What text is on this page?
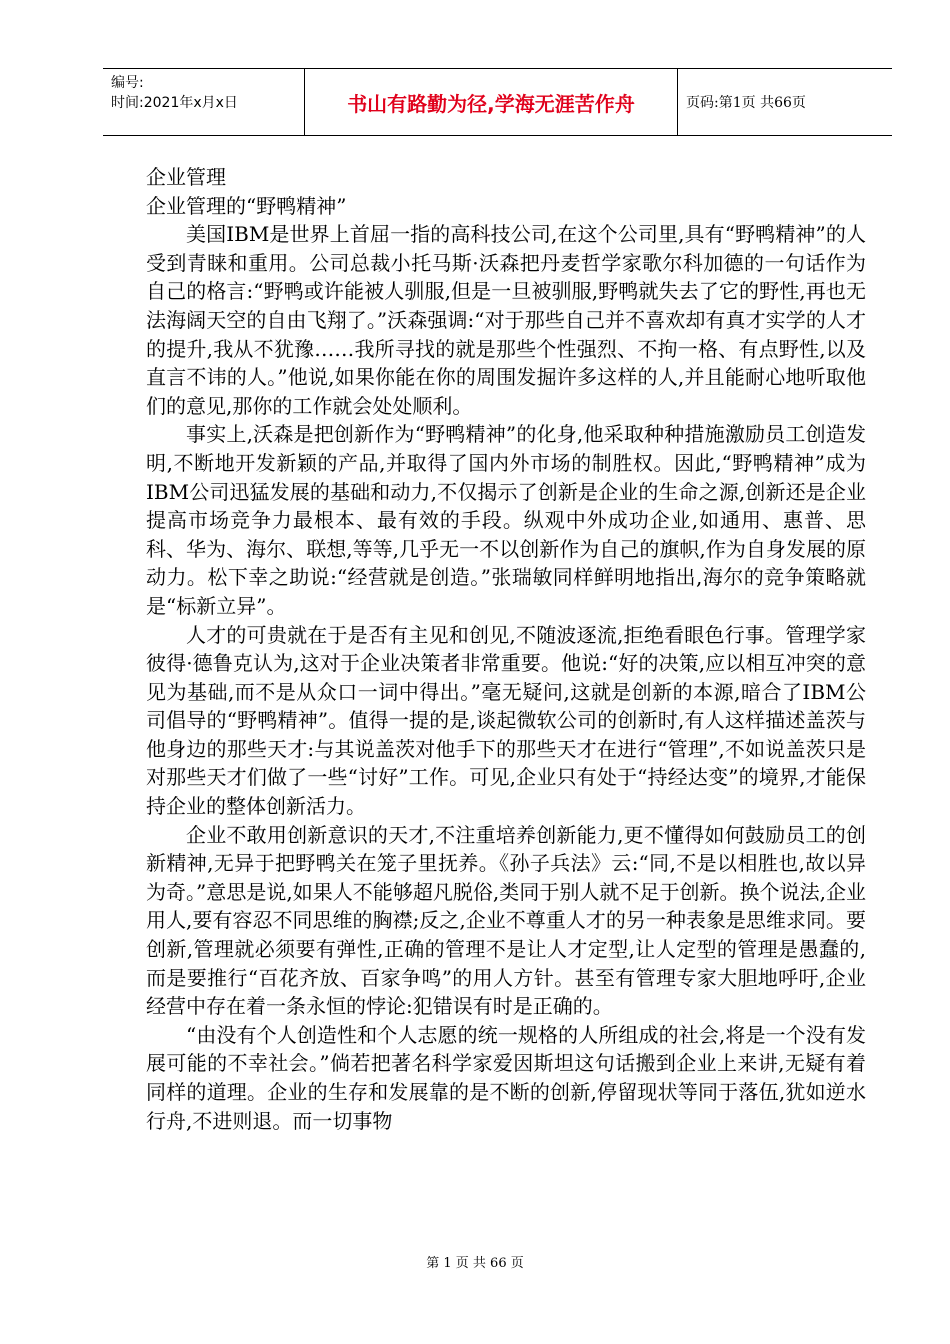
编号:
时间:2021年x月x日	书山有路勤为径,学海无涯苦作舟	页码:第1页 共66页

企业管理

企业管理的“野鸭精神”

美国IBM是世界上首屈一指的高科技公司,在这个公司里,具有“野鸭精神”的人受到青睐和重用。公司总裁小托马斯·沃森把丹麦哲学家歌尔科加德的一句话作为自己的格言:“野鸭或许能被人驯服,但是一旦被驯服,野鸭就失去了它的野性,再也无法海阔天空的自由飞翔了。”沃森强调:“对于那些自己并不喜欢却有真才实学的人才的提升,我从不犹豫……我所寻找的就是那些个性强烈、不拘一格、有点野性,以及直言不讳的人。”他说,如果你能在你的周围发掘许多这样的人,并且能耐心地听取他们的意见,那你的工作就会处处顺利。

事实上,沃森是把创新作为“野鸭精神”的化身,他采取种种措施激励员工创造发明,不断地开发新颖的产品,并取得了国内外市场的制胜权。因此,“野鸭精神”成为IBM公司迅猛发展的基础和动力,不仅揭示了创新是企业的生命之源,创新还是企业提高市场竞争力最根本、最有效的手段。纵观中外成功企业,如通用、惠普、思科、华为、海尔、联想,等等,几乎无一不以创新作为自己的旗帜,作为自身发展的原动力。松下幸之助说:“经营就是创造。”张瑞敏同样鲜明地指出,海尔的竞争策略就是“标新立异”。

人才的可贵就在于是否有主见和创见,不随波逐流,拒绝看眼色行事。管理学家彼得·德鲁克认为,这对于企业决策者非常重要。他说:“好的决策,应以相互冲突的意见为基础,而不是从众口一词中得出。”毫无疑问,这就是创新的本源,暗合了IBM公司倡导的“野鸭精神”。值得一提的是,谈起微软公司的创新时,有人这样描述盖茨与他身边的那些天才:与其说盖茨对他手下的那些天才在进行“管理”,不如说盖茨只是对那些天才们做了一些“讨好”工作。可见,企业只有处于“持经达变”的境界,才能保持企业的整体创新活力。

企业不敢用创新意识的天才,不注重培养创新能力,更不懂得如何鼓励员工的创新精神,无异于把野鸭关在笼子里抚养。《孙子兵法》云:“同,不是以相胜也,故以异为奇。”意思是说,如果人不能够超凡脱俗,类同于别人就不足于创新。换个说法,企业用人,要有容忍不同思维的胸襟;反之,企业不尊重人才的另一种表象是思维求同。要创新,管理就必须要有弹性,正确的管理不是让人才定型,让人定型的管理是愚蠢的,而是要推行“百花齐放、百家争鸣”的用人方针。甚至有管理专家大胆地呼吁,企业经营中存在着一条永恒的悖论:犯错误有时是正确的。

“由没有个人创造性和个人志愿的统一规格的人所组成的社会,将是一个没有发展可能的不幸社会。”倘若把著名科学家爱因斯坦这句话搬到企业上来讲,无疑有着同样的道理。企业的生存和发展靠的是不断的创新,停留现状等同于落伍,犹如逆水行舟,不进则退。而一切事物

第 1 页 共 66 页
